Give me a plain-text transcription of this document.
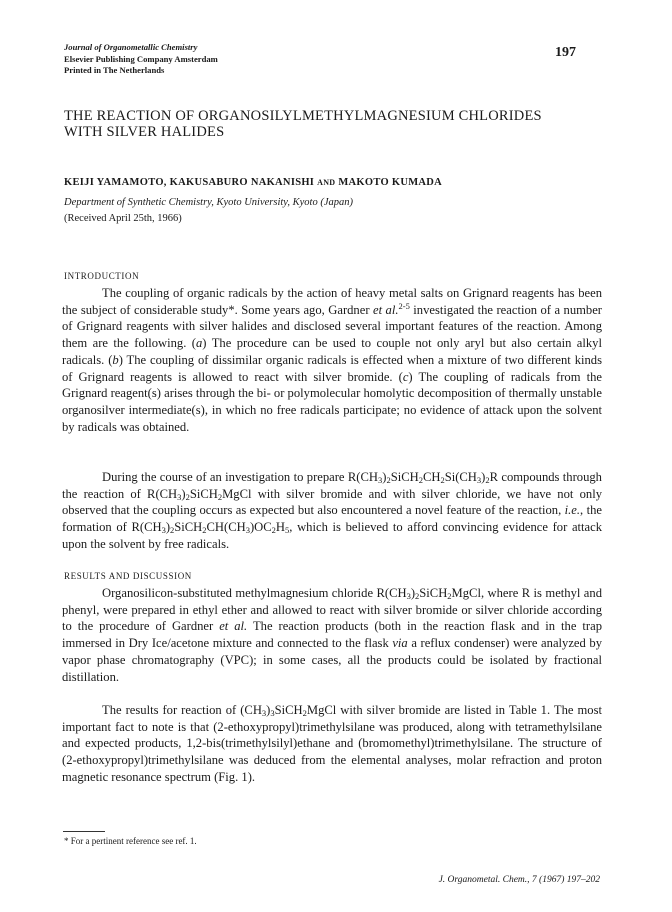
Journal of Organometallic Chemistry
Elsevier Publishing Company Amsterdam
Printed in The Netherlands
197
THE REACTION OF ORGANOSILYLMETHYLMAGNESIUM CHLORIDES
WITH SILVER HALIDES
KEIJI YAMAMOTO, KAKUSABURO NAKANISHI AND MAKOTO KUMADA
Department of Synthetic Chemistry, Kyoto University, Kyoto (Japan)
(Received April 25th, 1966)
INTRODUCTION

The coupling of organic radicals by the action of heavy metal salts on Grignard reagents has been the subject of considerable study*. Some years ago, Gardner et al.$^{2-5}$ investigated the reaction of a number of Grignard reagents with silver halides and disclosed several important features of the reaction. Among them are the following. (a) The procedure can be used to couple not only aryl but also certain alkyl radicals. (b) The coupling of dissimilar organic radicals is effected when a mixture of two different kinds of Grignard reagents is allowed to react with silver bromide. (c) The coupling of radicals from the Grignard reagent(s) arises through the bi- or polymolecular homolytic decomposition of thermally unstable organosilver intermediate(s), in which no free radicals participate; no evidence of attack upon the solvent by radicals was obtained.

During the course of an investigation to prepare $R(CH_3)_2SiCH_2CH_2Si(CH_3)_2R$ compounds through the reaction of $R(CH_3)_2SiCH_2MgCl$ with silver bromide and with silver chloride, we have not only observed that the coupling occurs as expected but also encountered a novel feature of the reaction, i.e., the formation of $R(CH_3)_2SiCH_2CH(CH_3)OC_2H_5$, which is believed to afford convincing evidence for attack upon the solvent by free radicals.

RESULTS AND DISCUSSION

Organosilicon-substituted methylmagnesium chloride $R(CH_3)_2SiCH_2MgCl$, where R is methyl and phenyl, were prepared in ethyl ether and allowed to react with silver bromide or silver chloride according to the procedure of Gardner et al. The reaction products (both in the reaction flask and in the trap immersed in Dry Ice/acetone mixture and connected to the flask via a reflux condenser) were analyzed by vapor phase chromatography (VPC); in some cases, all the products could be isolated by fractional distillation.

The results for reaction of $(CH_3)_3SiCH_2MgCl$ with silver bromide are listed in Table 1. The most important fact to note is that (2-ethoxypropyl)trimethylsilane was produced, along with tetramethylsilane and expected products, 1,2-bis(trimethylsilyl)ethane and (bromomethyl)trimethylsilane. The structure of (2-ethoxypropyl)trimethylsilane was deduced from the elemental analyses, molar refraction and proton magnetic resonance spectrum (Fig. 1).

* For a pertinent reference see ref. 1.
J. Organometal. Chem., 7 (1967) 197–202
